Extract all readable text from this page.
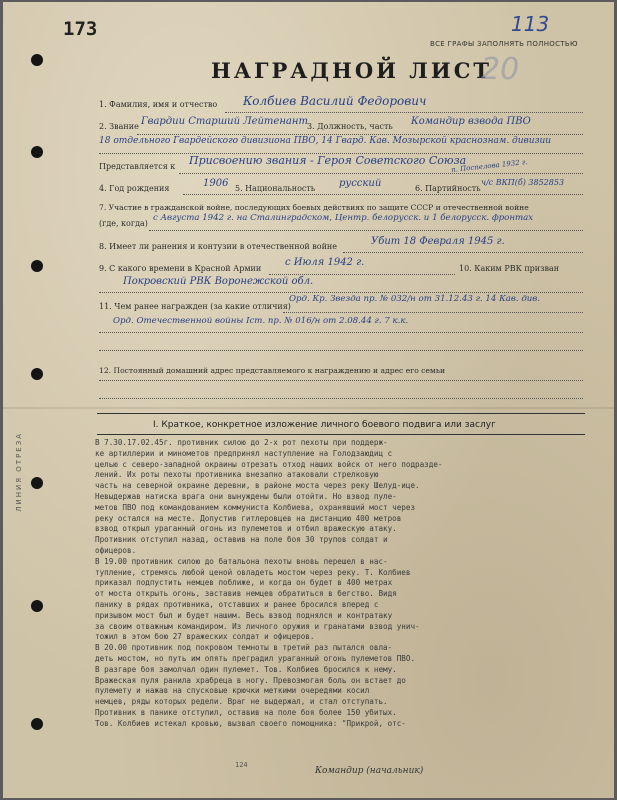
173	113
ВСЕ ГРАФЫ ЗАПОЛНЯТЬ ПОЛНОСТЬЮ
НАГРАДНОЙ ЛИСТ
20
1. Фамилия, имя и отчество Колбиев Василий Федорович
2. Звание Гвардии Старший Лейтенант 3. Должность, часть Командир взвода ПВО
18 отдельного Гвардейского дивизиона ПВО, 14 Гвард. Кав. Мозырской краснознам. дивизии
Представляется к Присвоению звания - Героя Советского Союза
п. Поспелова 1932 г.
4. Год рождения	1906 5. Национальность русский	6. Партийность
ч/с ВКП(б) 3852853
7. Участие в гражданской войне, последующих боевых действиях по защите СССР и отечественной войне
(где, когда)
с Августа 1942 г. на Сталинградском, Центр. белорусск. и 1 белорусск. фронтах
8. Имеет ли ранения и контузии в отечественной войне	Убит 18 Февраля 1945 г.
9. С какого времени в Красной Армии
с Июля 1942 г.
10. Каким РВК призван
Покровский РВК Воронежской обл.
11. Чем ранее награжден (за какие отличия)
Орд. Кр. Звезда пр. № 032/н от 31.12.43 г. 14 Кав. див.
Орд. Отечественной войны Iст. пр. № 016/н от 2.08.44 г. 7 к.к.
12. Постоянный домашний адрес представляемого к награждению и адрес его семьи
ЛИНИЯ ОТРЕЗА
I. Краткое, конкретное изложение личного боевого подвига или заслуг

В 7.30.17.02.45г. противник силою до 2-х рот пехоты при поддерж-

ке артиллерии и минометов предпринял наступление на Голодзаюдиц с

целью с северо-западной окраины отрезать отход наших войск от него подразде-

лений. Их роты пехоты противника внезапно атаковали стрелковую

часть на северной окраине деревни, в районе моста через реку Шелуд-ице.

Невыдержав натиска врага они вынуждены были отойти. Но взвод пуле-

метов ПВО под командованием коммуниста Колбиева, охранявший мост через

реку остался на месте. Допустив гитлеровцев на дистанцию 400 метров

взвод открыл ураганный огонь из пулеметов и отбил вражескую атаку.

Противник отступил назад, оставив на поле боя 30 трупов солдат и

офицеров.

В 19.00 противник силою до батальона пехоты вновь перешел в нас-

тупление, стремясь любой ценой овладеть мостом через реку. Т. Колбиев

приказал подпустить немцев поближе, и когда он будет в 400 метрах

от моста открыть огонь, заставив немцев обратиться в бегство. Видя

панику в рядах противника, отставших и ранее бросился вперед с

призывом мост был и будет нашим. Весь взвод поднялся и контратаку

за своим отважным командиром. Из личного оружия и гранатами взвод унич-

тожил в этом бою 27 вражеских солдат и офицеров.

В 20.00 противник под покровом темноты в третий раз пытался овла-

деть мостом, но путь им опять преградил ураганный огонь пулеметов ПВО.

В разгаре боя замолчал один пулемет. Тов. Колбиев бросился к нему.

Вражеская пуля ранила храбреца в ногу. Превозмогая боль он встает до

пулемету и нажав на спусковые крючки меткими очередями косил

немцев, ряды которых редели. Враг не выдержал, и стал отступать.

Противник в панике отступил, оставив на поле боя более 150 убитых.

Тов. Колбиев истекал кровью, вызвал своего помощника: "Прикрой, отс-

124
Командир (начальник)
